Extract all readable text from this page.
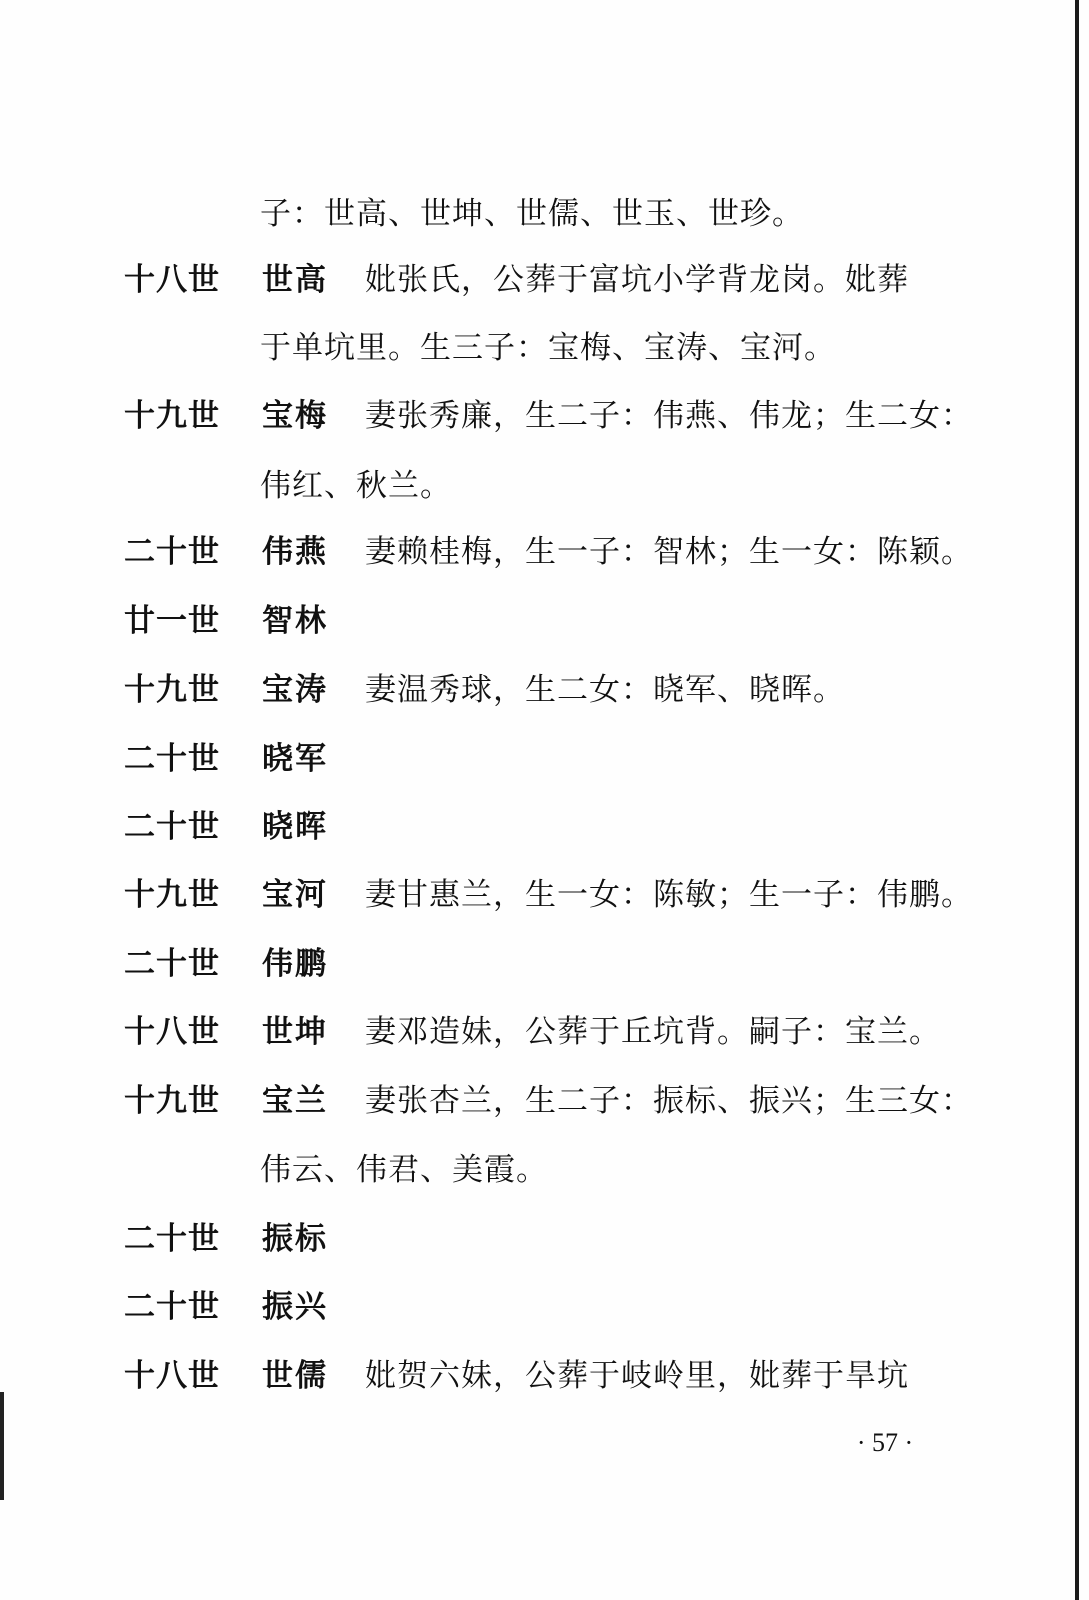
子：世高、世坤、世儒、世玉、世珍。
十八世	世高	妣张氏，公葬于富坑小学背龙岗。妣葬
于单坑里。生三子：宝梅、宝涛、宝河。
十九世	宝梅	妻张秀廉，生二子：伟燕、伟龙；生二女：
伟红、秋兰。
二十世	伟燕	妻赖桂梅，生一子：智林；生一女：陈颖。
廿一世	智林
十九世	宝涛	妻温秀球，生二女：晓军、晓晖。
二十世	晓军
二十世	晓晖
十九世	宝河	妻甘惠兰，生一女：陈敏；生一子：伟鹏。
二十世	伟鹏
十八世	世坤	妻邓造妹，公葬于丘坑背。嗣子：宝兰。
十九世	宝兰	妻张杏兰，生二子：振标、振兴；生三女：
伟云、伟君、美霞。
二十世	振标
二十世	振兴
十八世	世儒	妣贺六妹，公葬于岐岭里，妣葬于旱坑
· 57 ·
